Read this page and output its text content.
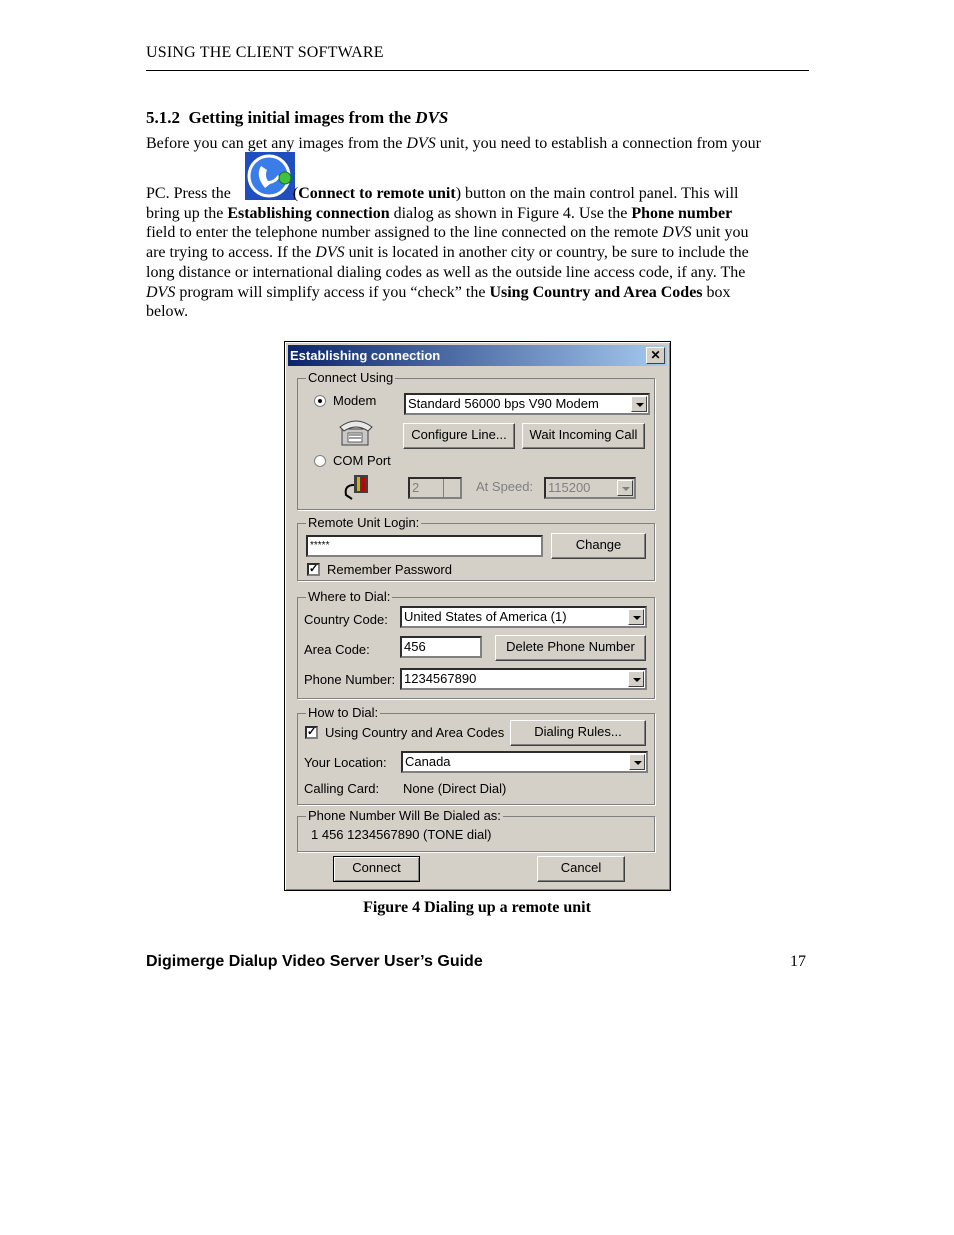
USING THE CLIENT SOFTWARE
5.1.2 Getting initial images from the DVS
Before you can get any images from the DVS unit, you need to establish a connection from your
PC. Press the	(Connect to remote unit) button on the main control panel. This will
bring up the Establishing connection dialog as shown in Figure 4. Use the Phone number
field to enter the telephone number assigned to the line connected on the remote DVS unit you
are trying to access. If the DVS unit is located in another city or country, be sure to include the
long distance or international dialing codes as well as the outside line access code, if any. The
DVS program will simplify access if you “check” the Using Country and Area Codes box
below.
Establishing connection	✕
Connect Using
Modem	Standard 56000 bps V90 Modem
Configure Line...	Wait Incoming Call
COM Port
2	At Speed:	115200
Remote Unit Login:
*****	Change
✓ Remember Password
Where to Dial:
Country Code:	United States of America (1)
Area Code:	456	Delete Phone Number
Phone Number: 1234567890
How to Dial:
✓ Using Country and Area Codes	Dialing Rules...
Your Location:	Canada
Calling Card: None (Direct Dial)
Phone Number Will Be Dialed as:
1 456 1234567890 (TONE dial)
Connect	Cancel
Figure 4 Dialing up a remote unit
Digimerge Dialup Video Server User’s Guide	17
